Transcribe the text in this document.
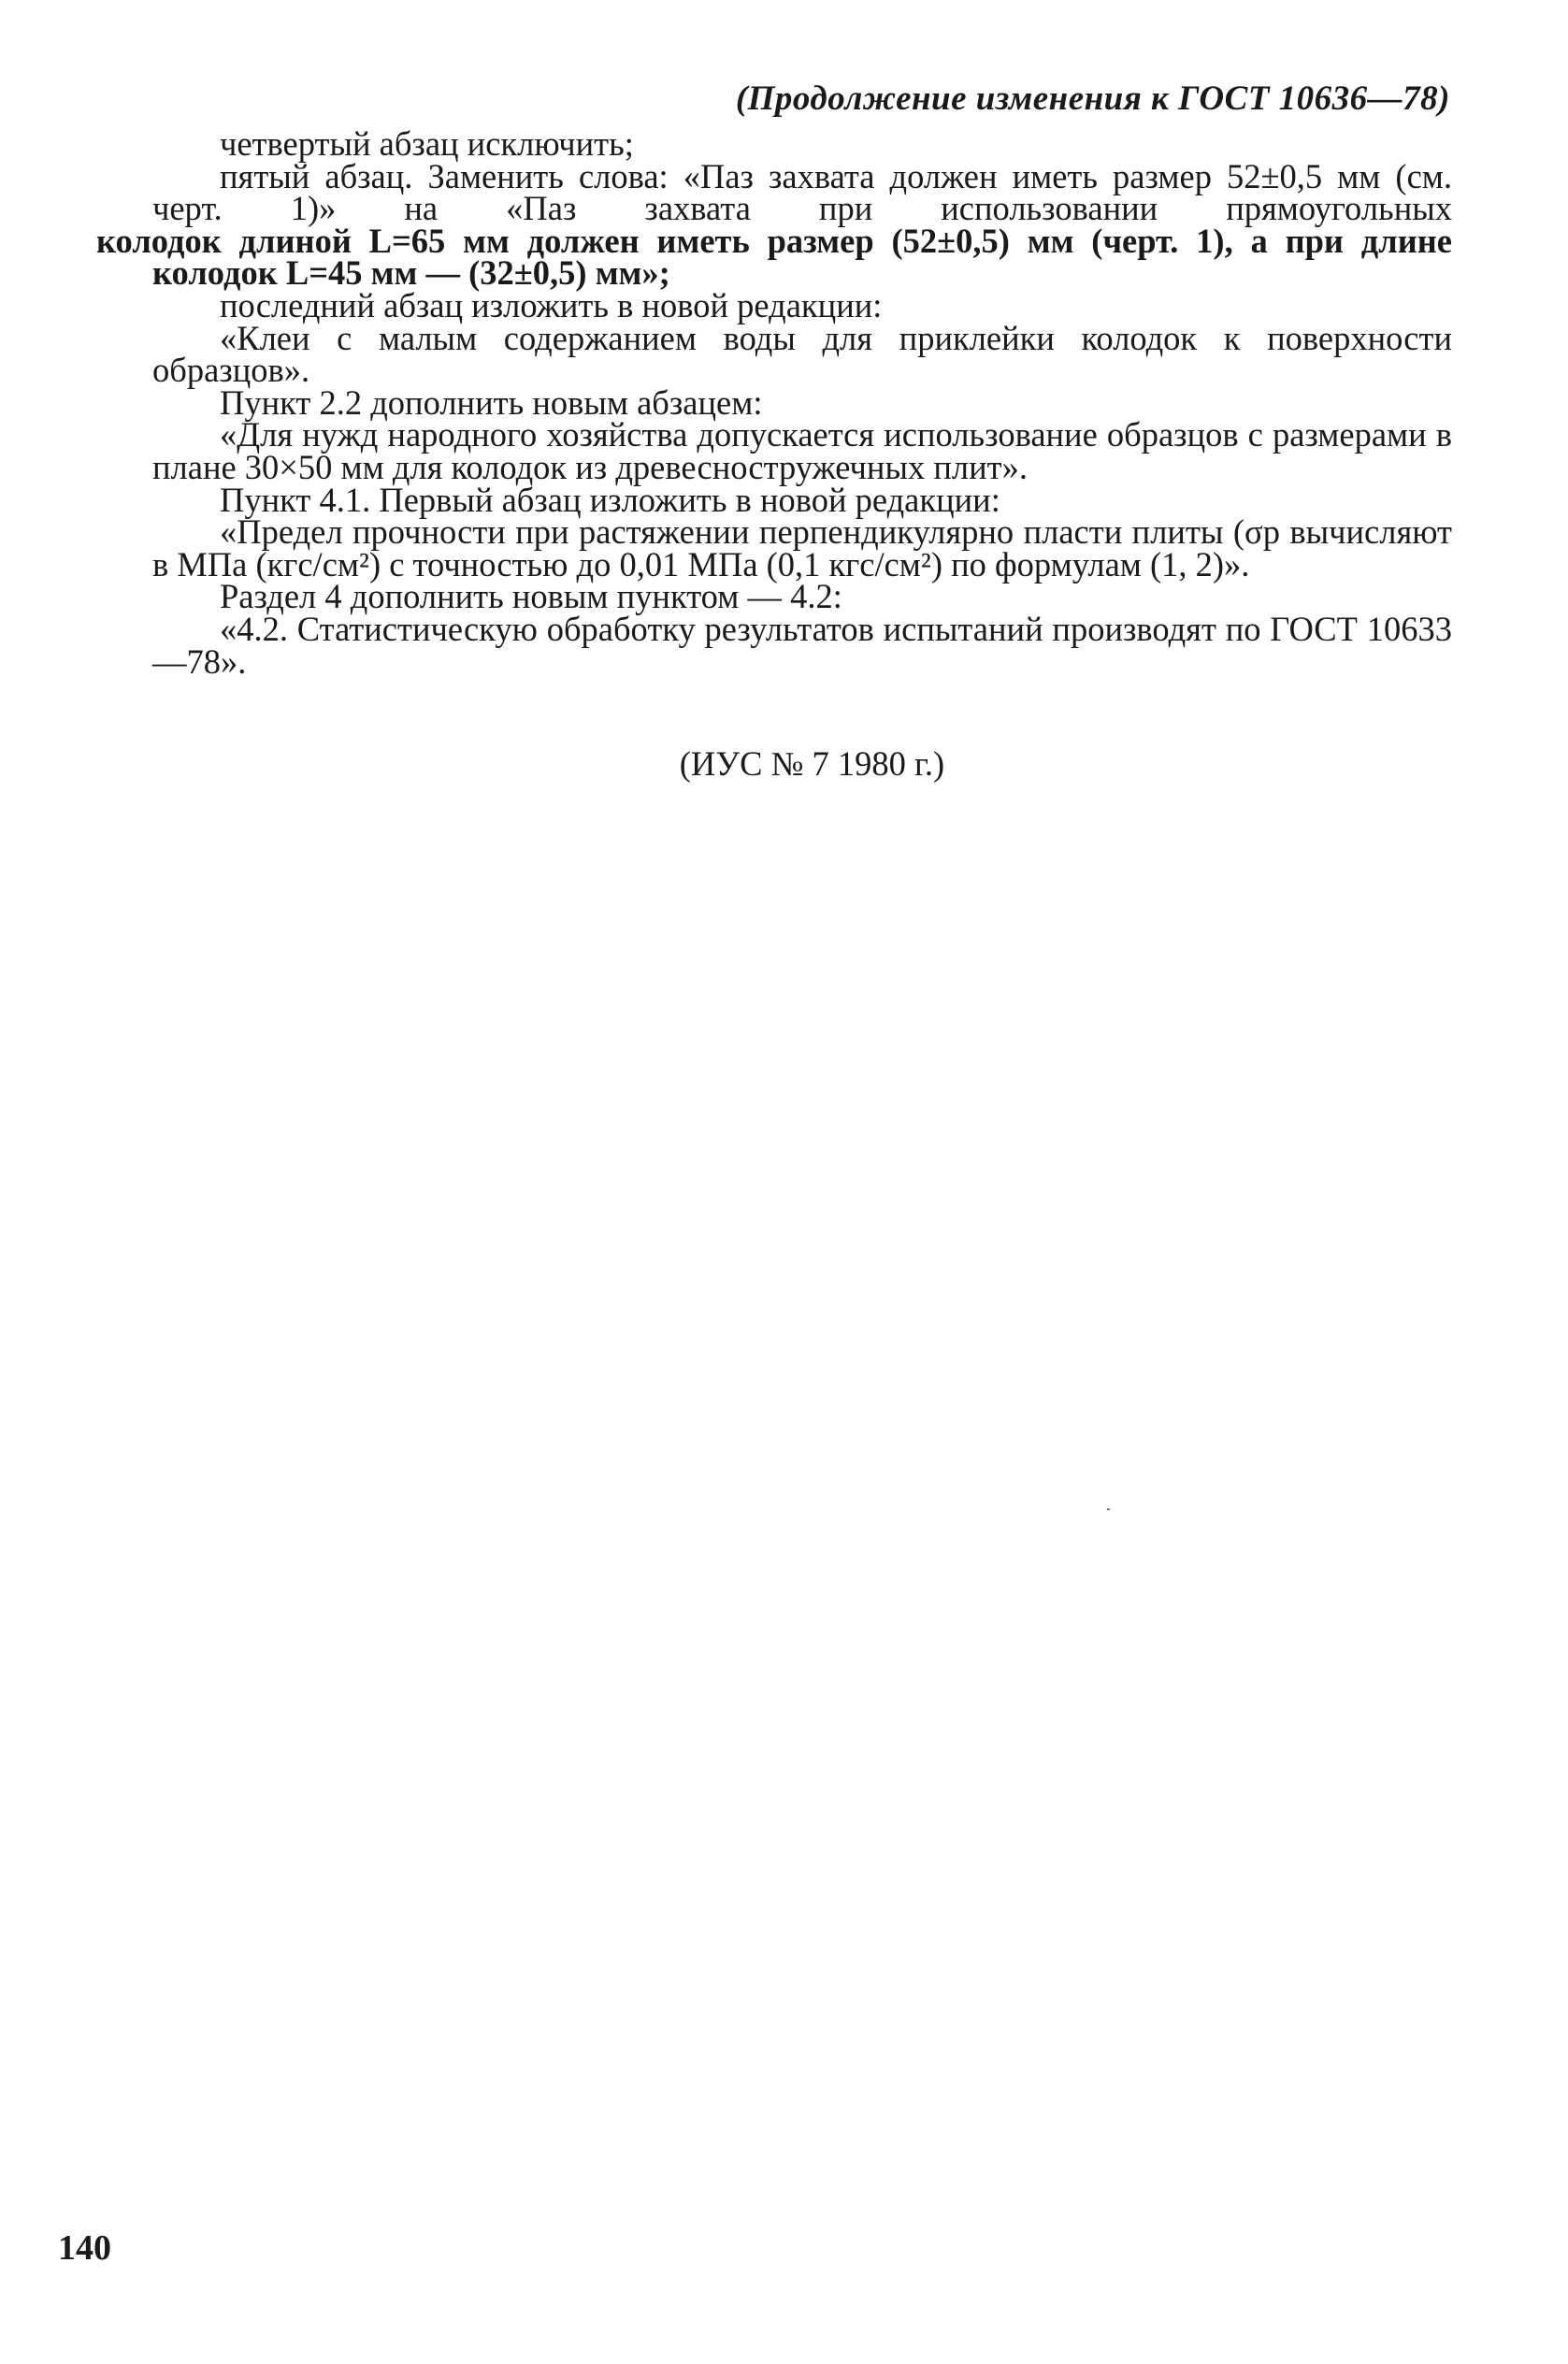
(Продолжение изменения к ГОСТ 10636—78)

четвертый абзац исключить;

пятый абзац. Заменить слова: «Паз захвата должен иметь размер 52±0,5 мм (см. черт. 1)» на «Паз захвата при использовании прямоугольных

колодок длиной L=65 мм должен иметь размер (52±0,5) мм (черт. 1), а при длине колодок L=45 мм — (32±0,5) мм»;

последний абзац изложить в новой редакции:

«Клеи с малым содержанием воды для приклейки колодок к поверхности образцов».

Пункт 2.2 дополнить новым абзацем:

«Для нужд народного хозяйства допускается использование образцов с размерами в плане 30×50 мм для колодок из древесностружечных плит».

Пункт 4.1. Первый абзац изложить в новой редакции:

«Предел прочности при растяжении перпендикулярно пласти плиты (σр вычисляют в МПа (кгс/см²) с точностью до 0,01 МПа (0,1 кгс/см²) по формулам (1, 2)».

Раздел 4 дополнить новым пунктом — 4.2:

«4.2. Статистическую обработку результатов испытаний производят по ГОСТ 10633—78».

(ИУС № 7 1980 г.)
140
